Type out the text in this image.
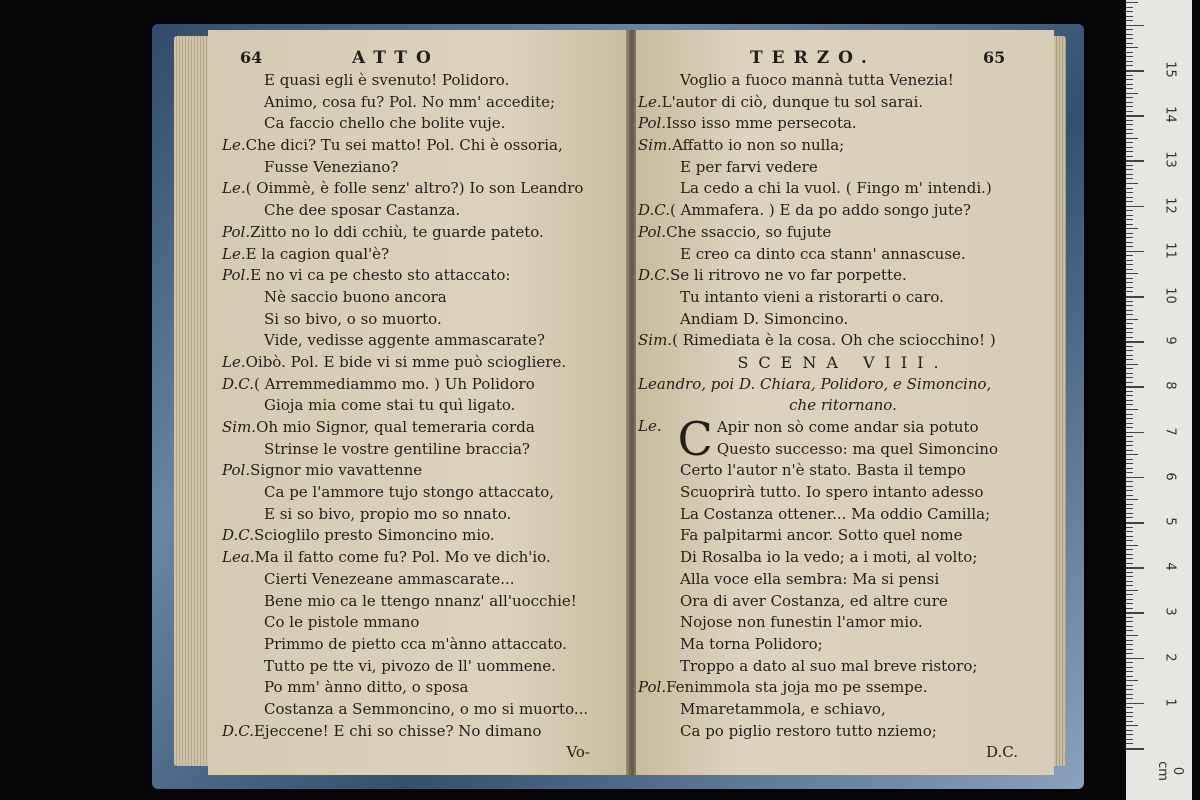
64	ATTO
E quasi egli è svenuto! Polidoro.
Animo, cosa fu? Pol. No mm' accedite;
Ca faccio chello che bolite vuje.
Le.Che dici? Tu sei matto! Pol. Chi è ossoria,
Fusse Veneziano?
Le.( Oimmè, è folle senz' altro?) Io son Leandro
Che dee sposar Castanza.
Pol.Zitto no lo ddi cchiù, te guarde pateto.
Le.E la cagion qual'è?
Pol.E no vi ca pe chesto sto attaccato:
Nè saccio buono ancora
Si so bivo, o so muorto.
Vide, vedisse aggente ammascarate?
Le.Oibò. Pol. E bide vi si mme può sciogliere.
D.C.( Arremmediammo mo. ) Uh Polidoro
Gioja mia come stai tu quì ligato.
Sim.Oh mio Signor, qual temeraria corda
Strinse le vostre gentiline braccia?
Pol.Signor mio vavattenne
Ca pe l'ammore tujo stongo attaccato,
E si so bivo, propio mo so nnato.
D.C.Scioglilo presto Simoncino mio.
Lea.Ma il fatto come fu? Pol. Mo ve dich'io.
Cierti Venezeane ammascarate...
Bene mio ca le ttengo nnanz' all'uocchie!
Co le pistole mmano
Primmo de pietto cca m'ànno attaccato.
Tutto pe tte vi, pivozo de ll' uommene.
Po mm' ànno ditto, o sposa
Costanza a Semmoncino, o mo si muorto...
D.C.Ejeccene! E chi so chisse? No dimano
Vo-
TERZO.	65
Voglio a fuoco mannà tutta Venezia!
Le.L'autor di ciò, dunque tu sol sarai.
Pol.Isso isso mme persecota.
Sim.Affatto io non so nulla;
E per farvi vedere
La cedo a chi la vuol. ( Fingo m' intendi.)
D.C.( Ammafera. ) E da po addo songo jute?
Pol.Che ssaccio, so fujute
E creo ca dinto cca stann' annascuse.
D.C.Se li ritrovo ne vo far porpette.
Tu intanto vieni a ristorarti o caro.
Andiam D. Simoncino.
Sim.( Rimediata è la cosa. Oh che sciocchino! )
SCENA VIII.
Leandro, poi D. Chiara, Polidoro, e Simoncino,
che ritornano.
Le. C Apir non sò come andar sia potuto
Questo successo: ma quel Simoncino
Certo l'autor n'è stato. Basta il tempo
Scuoprirà tutto. Io spero intanto adesso
La Costanza ottener... Ma oddio Camilla;
Fa palpitarmi ancor. Sotto quel nome
Di Rosalba io la vedo; a i moti, al volto;
Alla voce ella sembra: Ma si pensi
Ora di aver Costanza, ed altre cure
Nojose non funestin l'amor mio.
Ma torna Polidoro;
Troppo a dato al suo mal breve ristoro;
Pol.Fenimmola sta joja mo pe ssempe.
Mmaretammola, e schiavo,
Ca po piglio restoro tutto nziemo;
D.C.
0 cm
1
2
3
4
5
6
7
8
9
10
11
12
13
14
15
